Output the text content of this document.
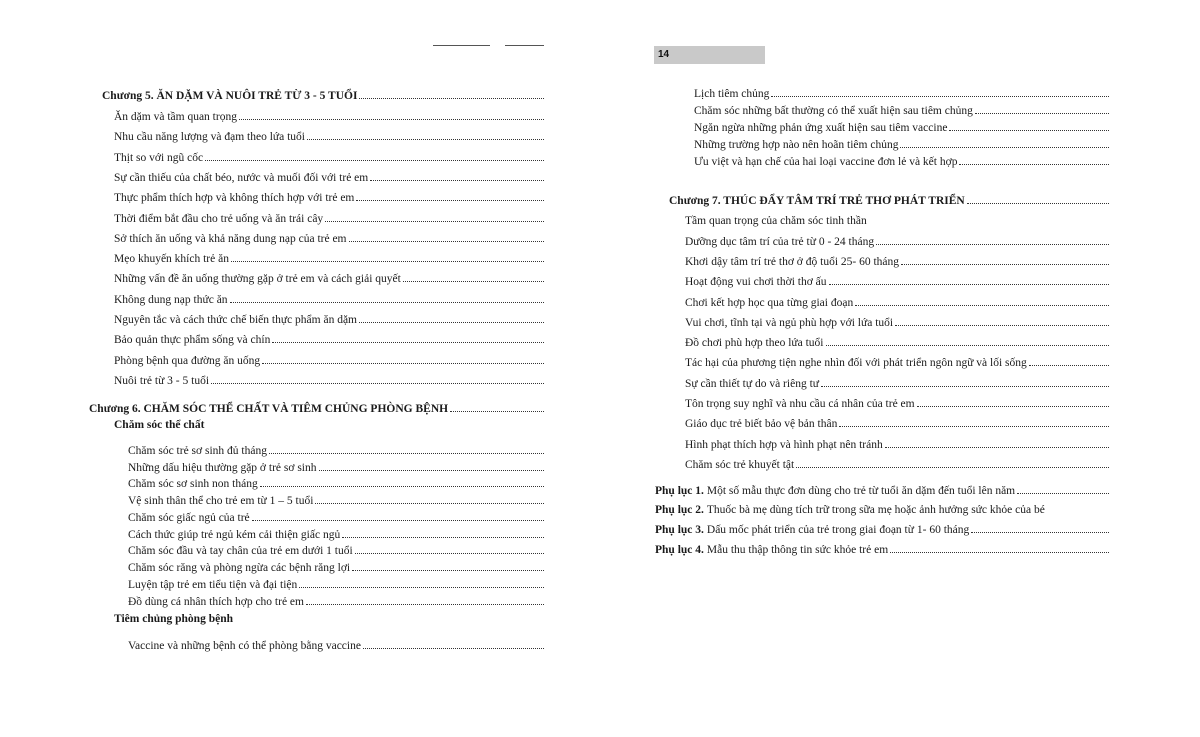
14
Chương 5. ĂN DẶM VÀ NUÔI TRẺ TỪ 3 - 5 TUỔI
Ăn dặm và tầm quan trọng
Nhu cầu năng lượng và đạm theo lứa tuổi
Thịt so với ngũ cốc
Sự cần thiếu của chất béo, nước và muối đối với trẻ em
Thực phẩm thích hợp và không thích hợp với trẻ em
Thời điểm bắt đầu cho trẻ uống và ăn trái cây
Sở thích ăn uống và khả năng dung nạp của trẻ em
Mẹo khuyến khích trẻ ăn
Những vấn đề ăn uống thường gặp ở trẻ em và cách giải quyết
Không dung nạp thức ăn
Nguyên tắc và cách thức chế biến thực phẩm ăn dặm
Bảo quản thực phẩm sống và chín
Phòng bệnh qua đường ăn uống
Nuôi trẻ từ 3 - 5 tuổi
Chương 6. CHĂM SÓC THỂ CHẤT VÀ TIÊM CHỦNG PHÒNG BỆNH
Chăm sóc thể chất
Chăm sóc trẻ sơ sinh đủ tháng
Những dấu hiệu thường gặp ở trẻ sơ sinh
Chăm sóc sơ sinh non tháng
Vệ sinh thân thể cho trẻ em từ 1 – 5 tuổi
Chăm sóc giấc ngủ của trẻ
Cách thức giúp trẻ ngủ kém cải thiện giấc ngủ
Chăm sóc đầu và tay chân của trẻ em dưới 1 tuổi
Chăm sóc răng và phòng ngừa các bệnh răng lợi
Luyện tập trẻ em tiểu tiện và đại tiện
Đồ dùng cá nhân thích hợp cho trẻ em
Tiêm chủng phòng bệnh
Vaccine và những bệnh có thể phòng bằng vaccine
Lịch tiêm chủng
Chăm sóc những bất thường có thể xuất hiện sau tiêm chủng
Ngăn ngừa những phản ứng xuất hiện sau tiêm vaccine
Những trường hợp nào nên hoãn tiêm chủng
Ưu việt và hạn chế của hai loại vaccine đơn lẻ và kết hợp
Chương 7. THÚC ĐẨY TÂM TRÍ TRẺ THƠ PHÁT TRIỂN
Tầm quan trọng của chăm sóc tinh thần
Dưỡng dục tâm trí của trẻ từ 0 - 24 tháng
Khơi dậy tâm trí trẻ thơ ở độ tuổi 25- 60 tháng
Hoạt động vui chơi thời thơ ấu
Chơi kết hợp học qua từng giai đoạn
Vui chơi, tĩnh tại và ngủ phù hợp với lứa tuổi
Đồ chơi phù hợp theo lứa tuổi
Tác hại của phương tiện nghe nhìn đối với phát triển ngôn ngữ và lối sống
Sự cần thiết tự do và riêng tư
Tôn trọng suy nghĩ và nhu cầu cá nhân của trẻ em
Giáo dục trẻ biết bảo vệ bản thân
Hình phạt thích hợp và hình phạt nên tránh
Chăm sóc trẻ khuyết tật
Phụ lục 1. Một số mẫu thực đơn dùng cho trẻ từ tuổi ăn dặm đến tuổi lên năm
Phụ lục 2. Thuốc bà mẹ dùng tích trữ trong sữa mẹ hoặc ảnh hưởng sức khỏe của bé
Phụ lục 3. Dấu mốc phát triển của trẻ trong giai đoạn từ 1- 60 tháng
Phụ lục 4. Mẫu thu thập thông tin sức khỏe trẻ em
